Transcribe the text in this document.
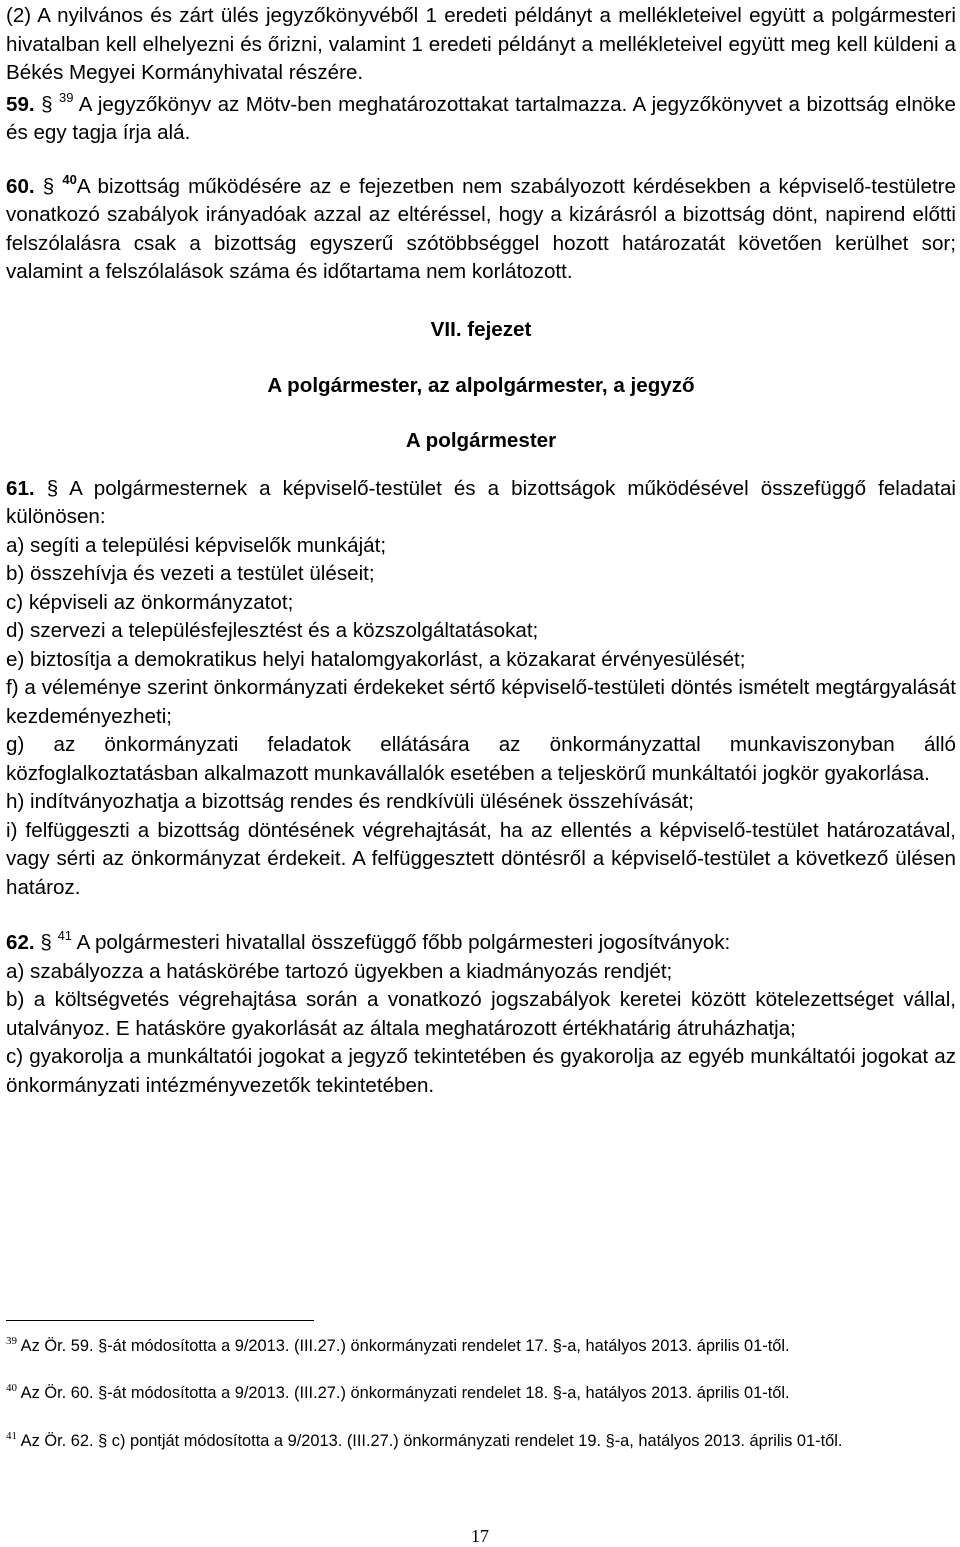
(2) A nyilvános és zárt ülés jegyzőkönyvéből 1 eredeti példányt a mellékleteivel együtt a polgármesteri hivatalban kell elhelyezni és őrizni, valamint 1 eredeti példányt a mellékleteivel együtt meg kell küldeni a Békés Megyei Kormányhivatal részére.

59. § $^{39}$ A jegyzőkönyv az Mötv-ben meghatározottakat tartalmazza. A jegyzőkönyvet a bizottság elnöke és egy tagja írja alá.

60. § $^{40}$A bizottság működésére az e fejezetben nem szabályozott kérdésekben a képviselő-testületre vonatkozó szabályok irányadóak azzal az eltéréssel, hogy a kizárásról a bizottság dönt, napirend előtti felszólalásra csak a bizottság egyszerű szótöbbséggel hozott határozatát követően kerülhet sor; valamint a felszólalások száma és időtartama nem korlátozott.

VII. fejezet

A polgármester, az alpolgármester, a jegyző

A polgármester

61. § A polgármesternek a képviselő-testület és a bizottságok működésével összefüggő feladatai különösen:

a) segíti a települési képviselők munkáját;

b) összehívja és vezeti a testület üléseit;

c) képviseli az önkormányzatot;

d) szervezi a településfejlesztést és a közszolgáltatásokat;

e) biztosítja a demokratikus helyi hatalomgyakorlást, a közakarat érvényesülését;

f) a véleménye szerint önkormányzati érdekeket sértő képviselő-testületi döntés ismételt megtárgyalását kezdeményezheti;

g) az önkormányzati feladatok ellátására az önkormányzattal munkaviszonyban álló közfoglalkoztatásban alkalmazott munkavállalók esetében a teljeskörű munkáltatói jogkör gyakorlása.

h) indítványozhatja a bizottság rendes és rendkívüli ülésének összehívását;

i) felfüggeszti a bizottság döntésének végrehajtását, ha az ellentés a képviselő-testület határozatával, vagy sérti az önkormányzat érdekeit. A felfüggesztett döntésről a képviselő-testület a következő ülésen határoz.

62. § $^{41}$ A polgármesteri hivatallal összefüggő főbb polgármesteri jogosítványok:

a) szabályozza a hatáskörébe tartozó ügyekben a kiadmányozás rendjét;

b) a költségvetés végrehajtása során a vonatkozó jogszabályok keretei között kötelezettséget vállal, utalványoz. E hatásköre gyakorlását az általa meghatározott értékhatárig átruházhatja;

c) gyakorolja a munkáltatói jogokat a jegyző tekintetében és gyakorolja az egyéb munkáltatói jogokat az önkormányzati intézményvezetők tekintetében.

$^{39}$ Az Ör. 59. §-át módosította a 9/2013. (III.27.) önkormányzati rendelet 17. §-a, hatályos 2013. április 01-től.
$^{40}$ Az Ör. 60. §-át módosította a 9/2013. (III.27.) önkormányzati rendelet 18. §-a, hatályos 2013. április 01-től.
$^{41}$ Az Ör. 62. § c) pontját módosította a 9/2013. (III.27.) önkormányzati rendelet 19. §-a, hatályos 2013. április 01-től.
17
